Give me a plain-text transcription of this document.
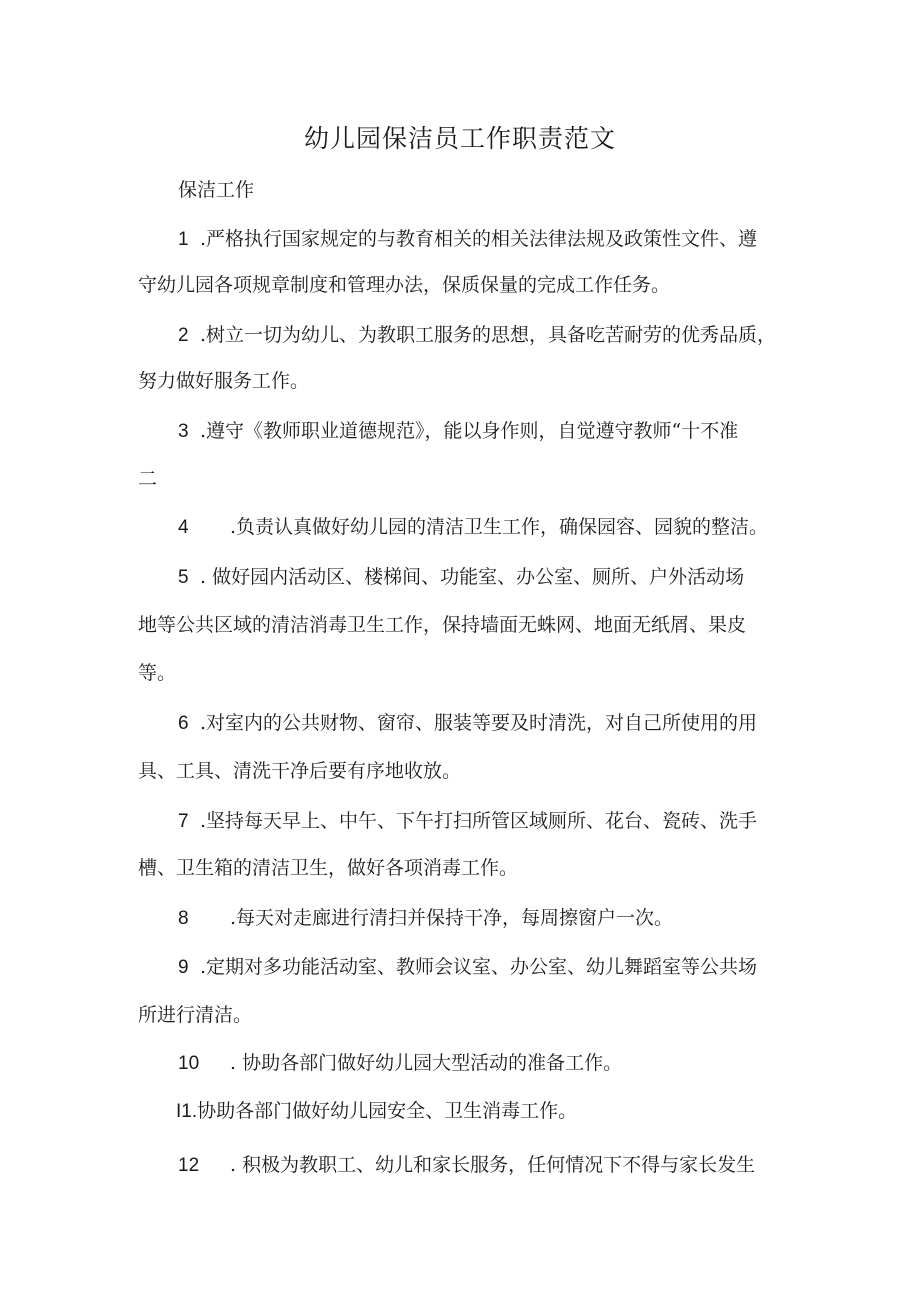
幼儿园保洁员工作职责范文
保洁工作
1 .严格执行国家规定的与教育相关的相关法律法规及政策性文件、遵
守幼儿园各项规章制度和管理办法，保质保量的完成工作任务。
2 .树立一切为幼儿、为教职工服务的思想，具备吃苦耐劳的优秀品质，
努力做好服务工作。
3 .遵守《教师职业道德规范》，能以身作则，自觉遵守教师“十不准
二
4 .负责认真做好幼儿园的清洁卫生工作，确保园容、园貌的整洁。
5 . 做好园内活动区、楼梯间、功能室、办公室、厕所、户外活动场
地等公共区域的清洁消毒卫生工作，保持墙面无蛛网、地面无纸屑、果皮
等。
6 .对室内的公共财物、窗帘、服装等要及时清洗，对自己所使用的用
具、工具、清洗干净后要有序地收放。
7 .坚持每天早上、中午、下午打扫所管区域厕所、花台、瓷砖、洗手
槽、卫生箱的清洁卫生，做好各项消毒工作。
8 .每天对走廊进行清扫并保持干净，每周擦窗户一次。
9 .定期对多功能活动室、教师会议室、办公室、幼儿舞蹈室等公共场
所进行清洁。
10 . 协助各部门做好幼儿园大型活动的准备工作。
I1.协助各部门做好幼儿园安全、卫生消毒工作。
12 . 积极为教职工、幼儿和家长服务，任何情况下不得与家长发生
